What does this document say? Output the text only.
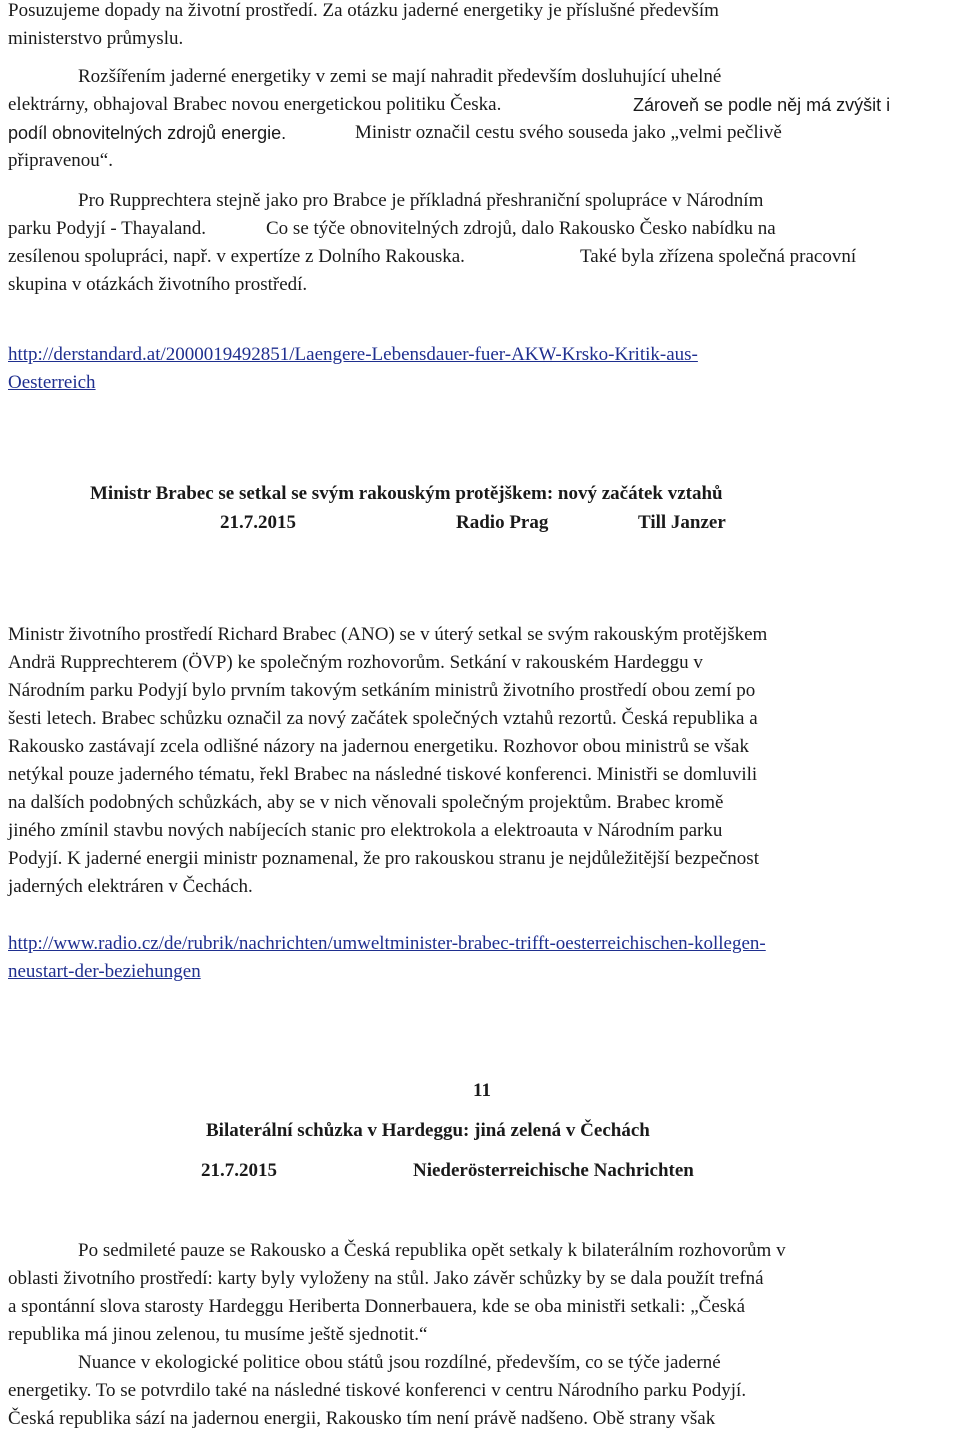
Posuzujeme dopady na životní prostředí. Za otázku jaderné energetiky je příslušné především
ministerstvo průmyslu.
Rozšířením jaderné energetiky v zemi se mají nahradit především dosluhující uhelné
elektrárny, obhajoval Brabec novou energetickou politiku Česka.	Zároveň se podle něj má zvýšit i
podíl obnovitelných zdrojů energie.	Ministr označil cestu svého souseda jako „velmi pečlivě
připravenou“.
Pro Rupprechtera stejně jako pro Brabce je příkladná přeshraniční spolupráce v Národním
parku Podyjí - Thayaland.	Co se týče obnovitelných zdrojů, dalo Rakousko Česko nabídku na
zesílenou spolupráci, např. v expertíze z Dolního Rakouska.	Také byla zřízena společná pracovní
skupina v otázkách životního prostředí.
http://derstandard.at/2000019492851/Laengere-Lebensdauer-fuer-AKW-Krsko-Kritik-aus-
Oesterreich
Ministr Brabec se setkal se svým rakouským protějškem: nový začátek vztahů
21.7.2015	Radio Prag	Till Janzer
Ministr životního prostředí Richard Brabec (ANO) se v úterý setkal se svým rakouským protějškem
Andrä Rupprechterem (ÖVP) ke společným rozhovorům. Setkání v rakouském Hardeggu v
Národním parku Podyjí bylo prvním takovým setkáním ministrů životního prostředí obou zemí po
šesti letech. Brabec schůzku označil za nový začátek společných vztahů rezortů. Česká republika a
Rakousko zastávají zcela odlišné názory na jadernou energetiku. Rozhovor obou ministrů se však
netýkal pouze jaderného tématu, řekl Brabec na následné tiskové konferenci. Ministři se domluvili
na dalších podobných schůzkách, aby se v nich věnovali společným projektům. Brabec kromě
jiného zmínil stavbu nových nabíjecích stanic pro elektrokola a elektroauta v Národním parku
Podyjí. K jaderné energii ministr poznamenal, že pro rakouskou stranu je nejdůležitější bezpečnost
jaderných elektráren v Čechách.
http://www.radio.cz/de/rubrik/nachrichten/umweltminister-brabec-trifft-oesterreichischen-kollegen-
neustart-der-beziehungen
11
Bilaterální schůzka v Hardeggu: jiná zelená v Čechách
21.7.2015	Niederösterreichische Nachrichten
Po sedmileté pauze se Rakousko a Česká republika opět setkaly k bilaterálním rozhovorům v
oblasti životního prostředí: karty byly vyloženy na stůl. Jako závěr schůzky by se dala použít trefná
a spontánní slova starosty Hardeggu Heriberta Donnerbauera, kde se oba ministři setkali: „Česká
republika má jinou zelenou, tu musíme ještě sjednotit.“
Nuance v ekologické politice obou států jsou rozdílné, především, co se týče jaderné
energetiky. To se potvrdilo také na následné tiskové konferenci v centru Národního parku Podyjí.
Česká republika sází na jadernou energii, Rakousko tím není právě nadšeno. Obě strany však
